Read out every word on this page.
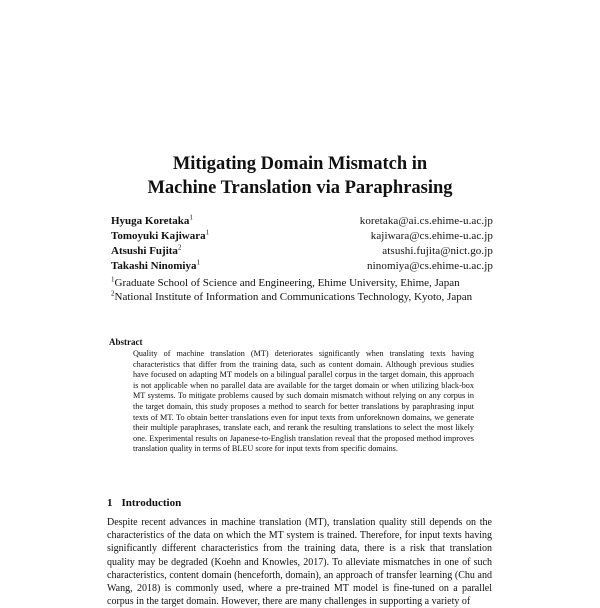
Mitigating Domain Mismatch in
Machine Translation via Paraphrasing
Hyuga Koretaka$^1$	koretaka@ai.cs.ehime-u.ac.jp
Tomoyuki Kajiwara$^1$	kajiwara@cs.ehime-u.ac.jp
Atsushi Fujita$^2$	atsushi.fujita@nict.go.jp
Takashi Ninomiya$^1$	ninomiya@cs.ehime-u.ac.jp
$^1$Graduate School of Science and Engineering, Ehime University, Ehime, Japan
$^2$National Institute of Information and Communications Technology, Kyoto, Japan
Abstract

Quality of machine translation (MT) deteriorates significantly when translating texts having characteristics that differ from the training data, such as content domain. Although previous studies have focused on adapting MT models on a bilingual parallel corpus in the target domain, this approach is not applicable when no parallel data are available for the target domain or when utilizing black-box MT systems. To mitigate problems caused by such domain mismatch without relying on any corpus in the target domain, this study proposes a method to search for better translations by paraphrasing input texts of MT. To obtain better translations even for input texts from unforeknown domains, we generate their multiple paraphrases, translate each, and rerank the resulting translations to select the most likely one. Experimental results on Japanese-to-English translation reveal that the proposed method improves translation quality in terms of BLEU score for input texts from specific domains.

1 Introduction

Despite recent advances in machine translation (MT), translation quality still depends on the characteristics of the data on which the MT system is trained. Therefore, for input texts having significantly different characteristics from the training data, there is a risk that translation quality may be degraded (Koehn and Knowles, 2017). To alleviate mismatches in one of such characteristics, content domain (henceforth, domain), an approach of transfer learning (Chu and Wang, 2018) is commonly used, where a pre-trained MT model is fine-tuned on a parallel corpus in the target domain. However, there are many challenges in supporting a variety of
